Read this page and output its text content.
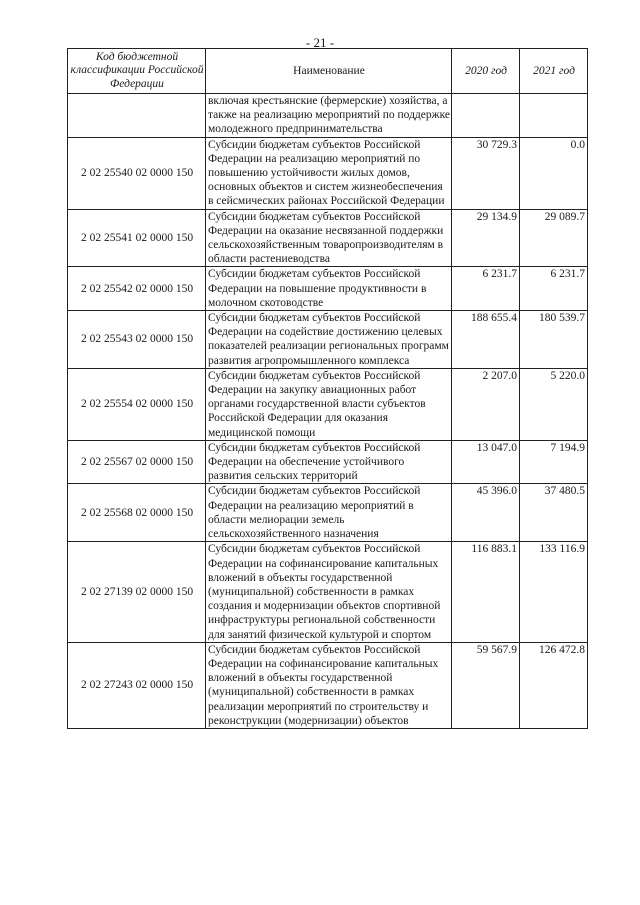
- 21 -
Код бюджетной классификации Российской Федерации	Наименование	2020 год	2021 год
	включая крестьянские (фермерские) хозяйства, а также на реализацию мероприятий по поддержке молодежного предпринимательства		
2 02 25540 02 0000 150	Субсидии бюджетам субъектов Российской Федерации на реализацию мероприятий по повышению устойчивости жилых домов, основных объектов и систем жизнеобеспечения в сейсмических районах Российской Федерации	30 729.3	0.0
2 02 25541 02 0000 150	Субсидии бюджетам субъектов Российской Федерации на оказание несвязанной поддержки сельскохозяйственным товаропроизводителям в области растениеводства	29 134.9	29 089.7
2 02 25542 02 0000 150	Субсидии бюджетам субъектов Российской Федерации на повышение продуктивности в молочном скотоводстве	6 231.7	6 231.7
2 02 25543 02 0000 150	Субсидии бюджетам субъектов Российской Федерации на содействие достижению целевых показателей реализации региональных программ развития агропромышленного комплекса	188 655.4	180 539.7
2 02 25554 02 0000 150	Субсидии бюджетам субъектов Российской Федерации на закупку авиационных работ органами государственной власти субъектов Российской Федерации для оказания медицинской помощи	2 207.0	5 220.0
2 02 25567 02 0000 150	Субсидии бюджетам субъектов Российской Федерации на обеспечение устойчивого развития сельских территорий	13 047.0	7 194.9
2 02 25568 02 0000 150	Субсидии бюджетам субъектов Российской Федерации на реализацию мероприятий в области мелиорации земель сельскохозяйственного назначения	45 396.0	37 480.5
2 02 27139 02 0000 150	Субсидии бюджетам субъектов Российской Федерации на софинансирование капитальных вложений в объекты государственной (муниципальной) собственности в рамках создания и модернизации объектов спортивной инфраструктуры региональной собственности для занятий физической культурой и спортом	116 883.1	133 116.9
2 02 27243 02 0000 150	Субсидии бюджетам субъектов Российской Федерации на софинансирование капитальных вложений в объекты государственной (муниципальной) собственности в рамках реализации мероприятий по строительству и реконструкции (модернизации) объектов	59 567.9	126 472.8
